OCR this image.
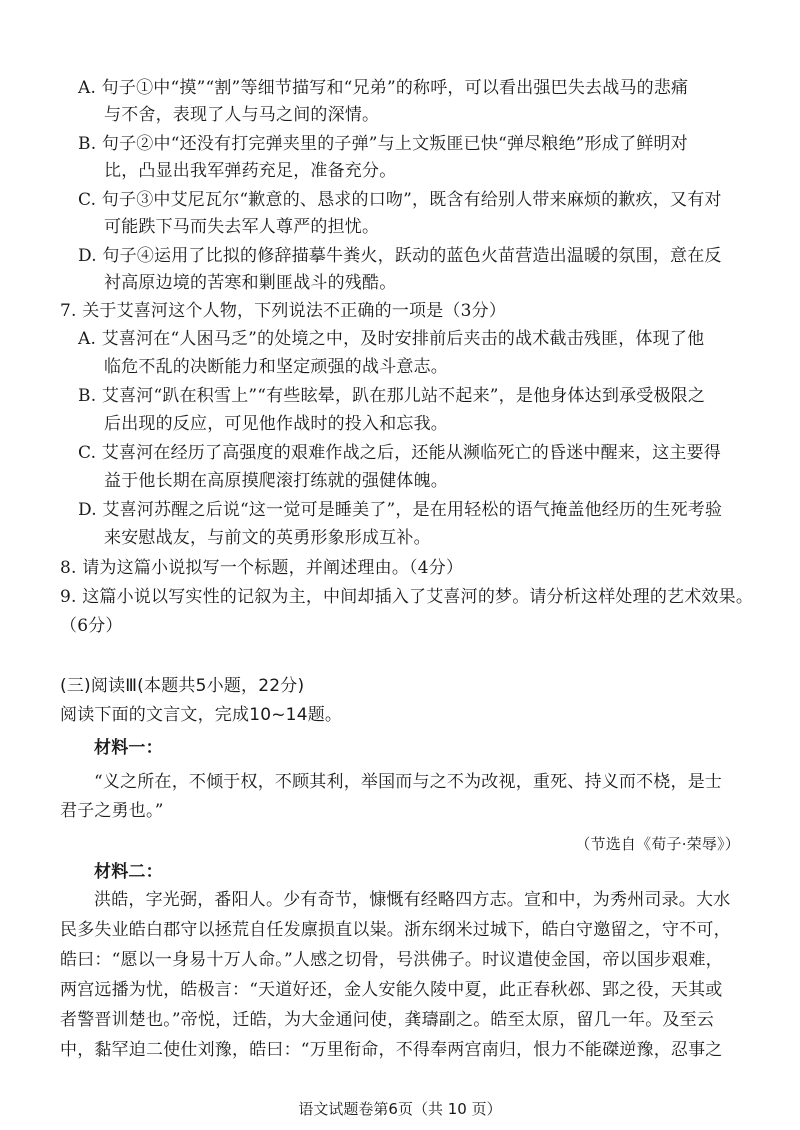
A. 句子①中“摸”“割”等细节描写和“兄弟”的称呼，可以看出强巴失去战马的悲痛
与不舍，表现了人与马之间的深情。
B. 句子②中“还没有打完弹夹里的子弹”与上文叛匪已快“弹尽粮绝”形成了鲜明对
比，凸显出我军弹药充足，准备充分。
C. 句子③中艾尼瓦尔“歉意的、恳求的口吻”，既含有给别人带来麻烦的歉疚，又有对
可能跌下马而失去军人尊严的担忧。
D. 句子④运用了比拟的修辞描摹牛粪火，跃动的蓝色火苗营造出温暖的氛围，意在反
衬高原边境的苦寒和剿匪战斗的残酷。
7. 关于艾喜河这个人物，下列说法不正确的一项是（3分）
A. 艾喜河在“人困马乏”的处境之中，及时安排前后夹击的战术截击残匪，体现了他
临危不乱的决断能力和坚定顽强的战斗意志。
B. 艾喜河“趴在积雪上”“有些眩晕，趴在那儿站不起来”，是他身体达到承受极限之
后出现的反应，可见他作战时的投入和忘我。
C. 艾喜河在经历了高强度的艰难作战之后，还能从濒临死亡的昏迷中醒来，这主要得
益于他长期在高原摸爬滚打练就的强健体魄。
D. 艾喜河苏醒之后说“这一觉可是睡美了”，是在用轻松的语气掩盖他经历的生死考验
来安慰战友，与前文的英勇形象形成互补。
8. 请为这篇小说拟写一个标题，并阐述理由。（4分）
9. 这篇小说以写实性的记叙为主，中间却插入了艾喜河的梦。请分析这样处理的艺术效果。
（6分）
(三)阅读Ⅲ(本题共5小题，22分)
阅读下面的文言文，完成10~14题。
材料一：
“义之所在，不倾于权，不顾其利，举国而与之不为改视，重死、持义而不桡，是士
君子之勇也。”
（节选自《荀子·荣辱》）
材料二：
洪皓，字光弼，番阳人。少有奇节，慷慨有经略四方志。宣和中，为秀州司录。大水
民多失业皓白郡守以拯荒自任发廪损直以粜。浙东纲米过城下，皓白守邀留之，守不可，
皓曰：“愿以一身易十万人命。”人感之切骨，号洪佛子。时议遣使金国，帝以国步艰难，
两宫远播为忧，皓极言：“天道好还，金人安能久陵中夏，此正春秋邲、郢之役，天其或
者警晋训楚也。”帝悦，迁皓，为大金通问使，龚璹副之。皓至太原，留几一年。及至云
中，黏罕迫二使仕刘豫，皓曰：“万里衔命，不得奉两宫南归，恨力不能磔逆豫，忍事之
语文试题卷第6页（共 10 页）
